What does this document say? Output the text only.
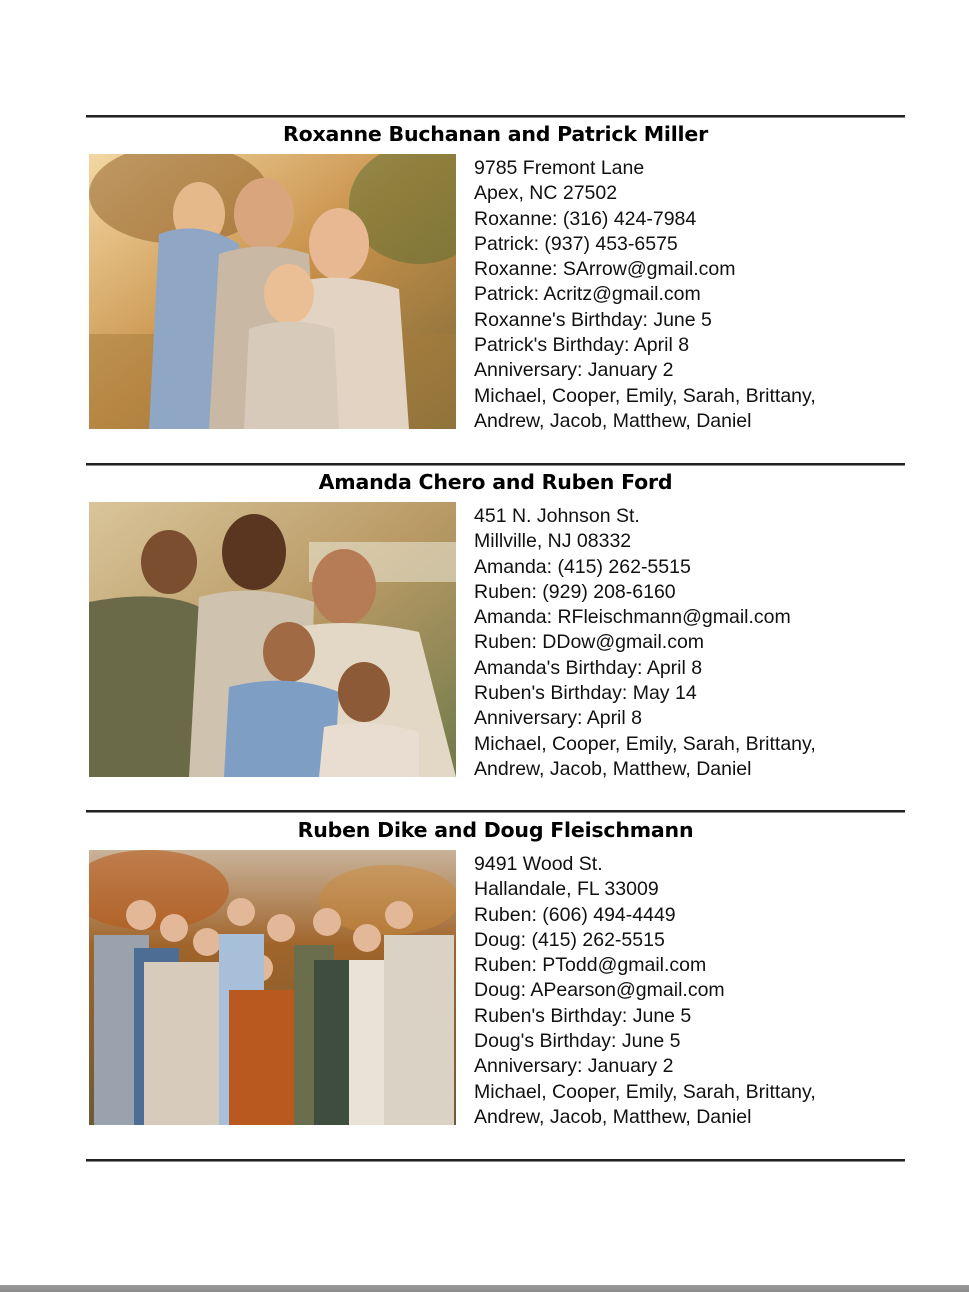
Roxanne Buchanan and Patrick Miller
9785 Fremont Lane
Apex, NC 27502
Roxanne: (316) 424-7984
Patrick: (937) 453-6575
Roxanne: SArrow@gmail.com
Patrick: Acritz@gmail.com
Roxanne's Birthday: June 5
Patrick's Birthday: April 8
Anniversary: January 2
Michael, Cooper, Emily, Sarah, Brittany,
Andrew, Jacob, Matthew, Daniel
Amanda Chero and Ruben Ford
451 N. Johnson St.
Millville, NJ 08332
Amanda: (415) 262-5515
Ruben: (929) 208-6160
Amanda: RFleischmann@gmail.com
Ruben: DDow@gmail.com
Amanda's Birthday: April 8
Ruben's Birthday: May 14
Anniversary: April 8
Michael, Cooper, Emily, Sarah, Brittany,
Andrew, Jacob, Matthew, Daniel
Ruben Dike and Doug Fleischmann
9491 Wood St.
Hallandale, FL 33009
Ruben: (606) 494-4449
Doug: (415) 262-5515
Ruben: PTodd@gmail.com
Doug: APearson@gmail.com
Ruben's Birthday: June 5
Doug's Birthday: June 5
Anniversary: January 2
Michael, Cooper, Emily, Sarah, Brittany,
Andrew, Jacob, Matthew, Daniel
